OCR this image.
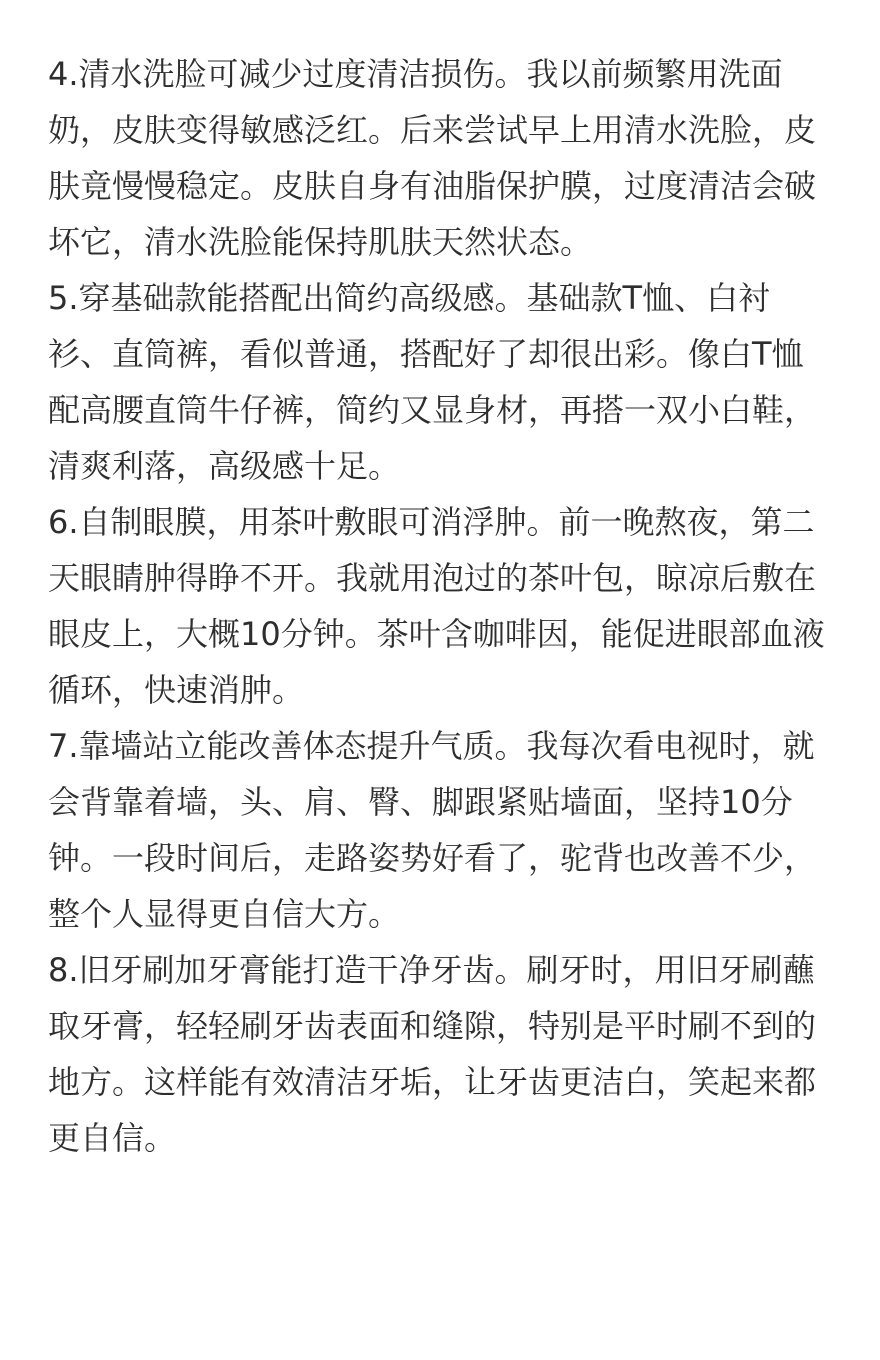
4.清水洗脸可减少过度清洁损伤。我以前频繁用洗面
奶，皮肤变得敏感泛红。后来尝试早上用清水洗脸，皮
肤竟慢慢稳定。皮肤自身有油脂保护膜，过度清洁会破
坏它，清水洗脸能保持肌肤天然状态。

5.穿基础款能搭配出简约高级感。基础款T恤、白衬
衫、直筒裤，看似普通，搭配好了却很出彩。像白T恤
配高腰直筒牛仔裤，简约又显身材，再搭一双小白鞋，
清爽利落，高级感十足。

6.自制眼膜，用茶叶敷眼可消浮肿。前一晚熬夜，第二
天眼睛肿得睁不开。我就用泡过的茶叶包，晾凉后敷在
眼皮上，大概10分钟。茶叶含咖啡因，能促进眼部血液
循环，快速消肿。

7.靠墙站立能改善体态提升气质。我每次看电视时，就
会背靠着墙，头、肩、臀、脚跟紧贴墙面，坚持10分
钟。一段时间后，走路姿势好看了，驼背也改善不少，
整个人显得更自信大方。

8.旧牙刷加牙膏能打造干净牙齿。刷牙时，用旧牙刷蘸
取牙膏，轻轻刷牙齿表面和缝隙，特别是平时刷不到的
地方。这样能有效清洁牙垢，让牙齿更洁白，笑起来都
更自信。
